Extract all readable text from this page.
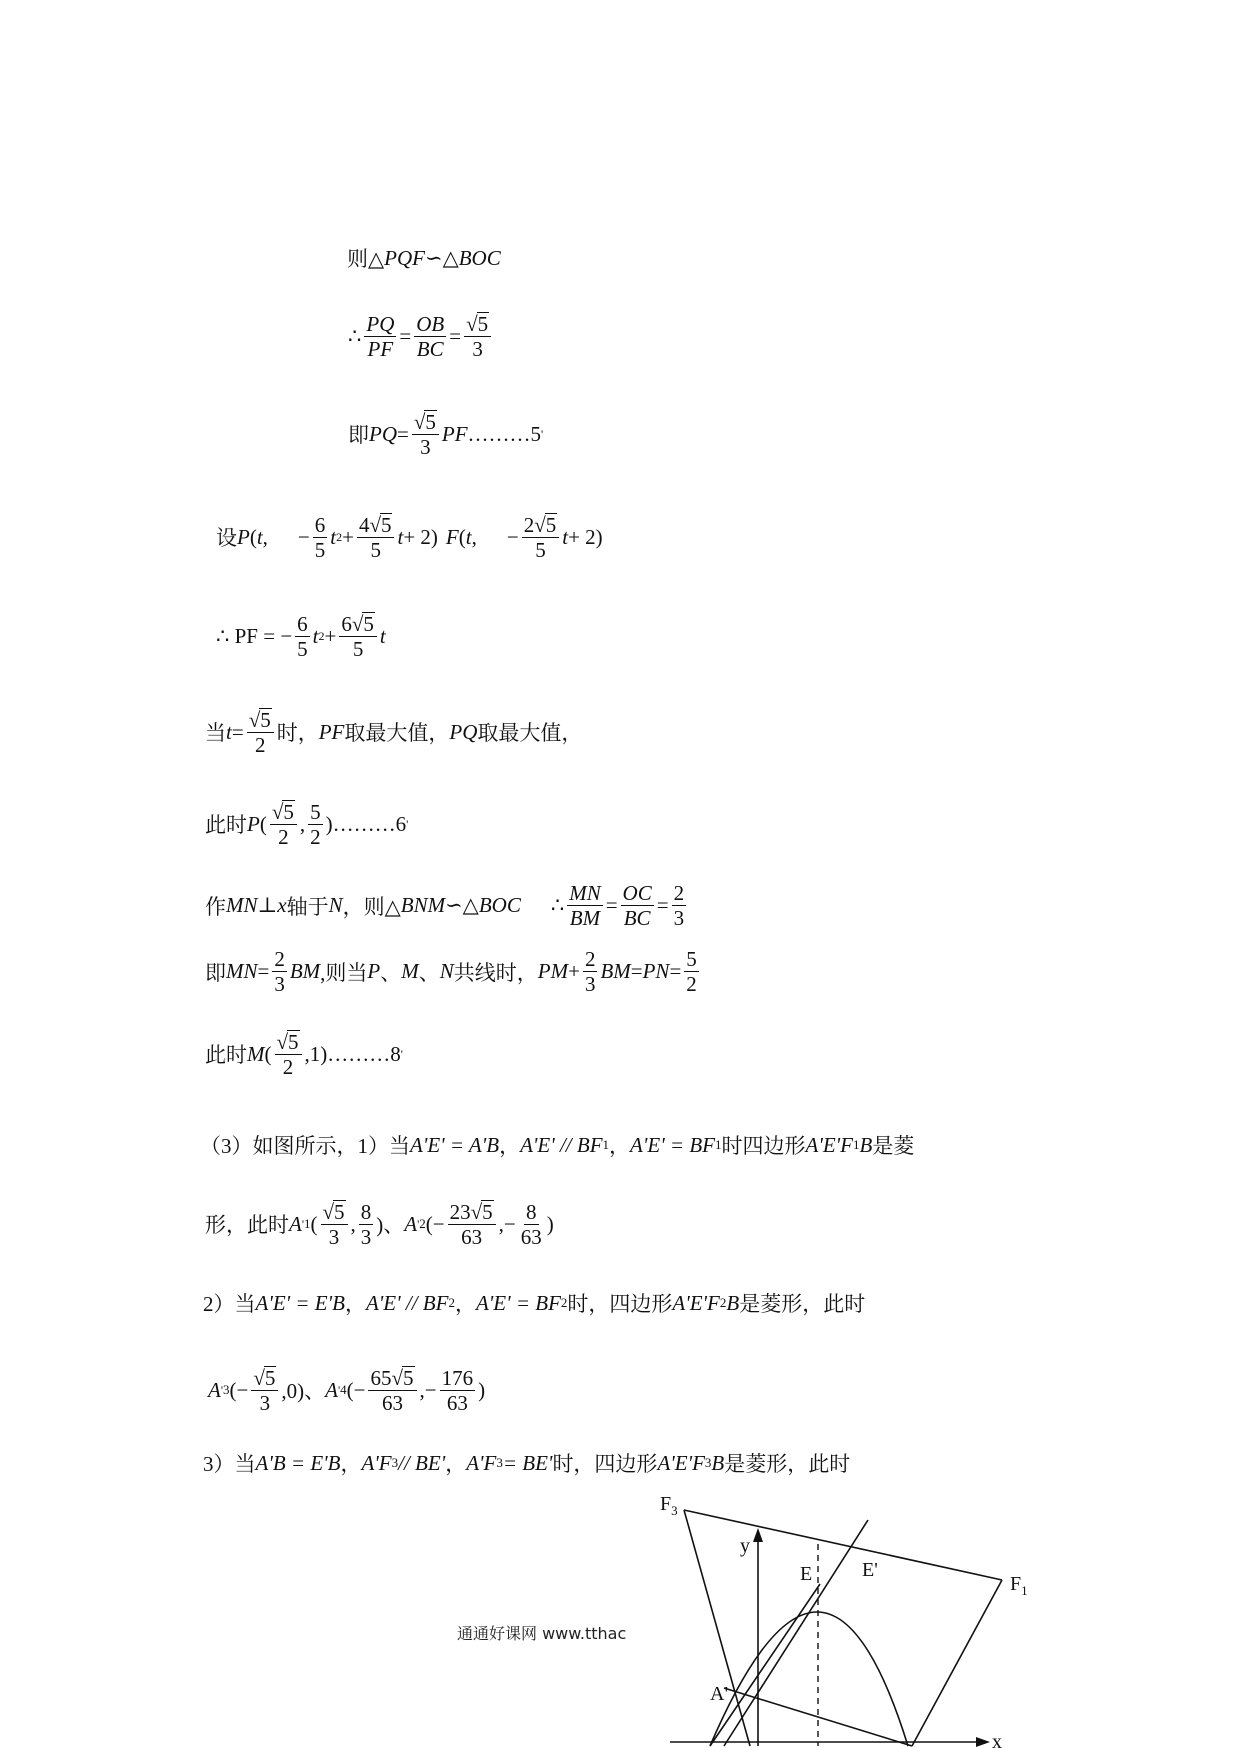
则△ PQF ∽△ BOC
∴ $\frac{PQ}{PF} = \frac{OB}{BC} = \frac{√5}{3}$
即 PQ = $\frac{√5}{3}$ PF ………5 '
设 P ( t , − $\frac{6}{5}$ t $2 + \frac{4√5}{5}$ t + 2) F ( t , − $\frac{2√5}{5}$ t + 2)
∴ PF = − $\frac{6}{5}$ t $2 + \frac{6√5}{5}$ t
当 $t = \frac{√5}{2}$ 时， PF 取最大值， PQ 取最大值，
此时 P ( $\frac{√5}{2}$ , $\frac{5}{2}$ ) ………6 '
作 MN ⊥ x 轴于 N ，则△ BNM ∽△ BOC ∴ $\frac{MN}{BM} = \frac{OC}{BC} = \frac{2}{3}$
即 MN = $\frac{2}{3}$ BM ,则当 P 、 M 、 N 共线时， PM + $\frac{2}{3}$ BM = PN = $\frac{5}{2}$
此时 M ( $\frac{√5}{2} ,1$) ………8 '
（3）如图所示，1）当 A'E' = A'B ， A'E' // BF 1 ， A'E' = BF 1 时四边形 A'E'F 1 B 是菱
形，此时 A ' 1 ( $\frac{√5}{3}$ , $\frac{8}{3}$ )、 A ' 2 (− $\frac{23√5}{63}$ ,− $\frac{8}{63}$ )
2）当 A'E' = E'B ， A'E' // BF 2 ， A'E' = BF 2 时，四边形 A'E'F 2 B 是菱形，此时
A ' 3 (− $\frac{√5}{3} ,0$)、 A ' 4 (− $\frac{65√5}{63}$ ,− $\frac{176}{63}$ )
3）当 A'B = E'B ， A'F 3 // BE' ， A'F 3 = BE' 时，四边形 A'E'F 3 B 是菱形，此时
通通好课网 www.tthac
$F_3$
$F_1$
y
x
E E'
A'
